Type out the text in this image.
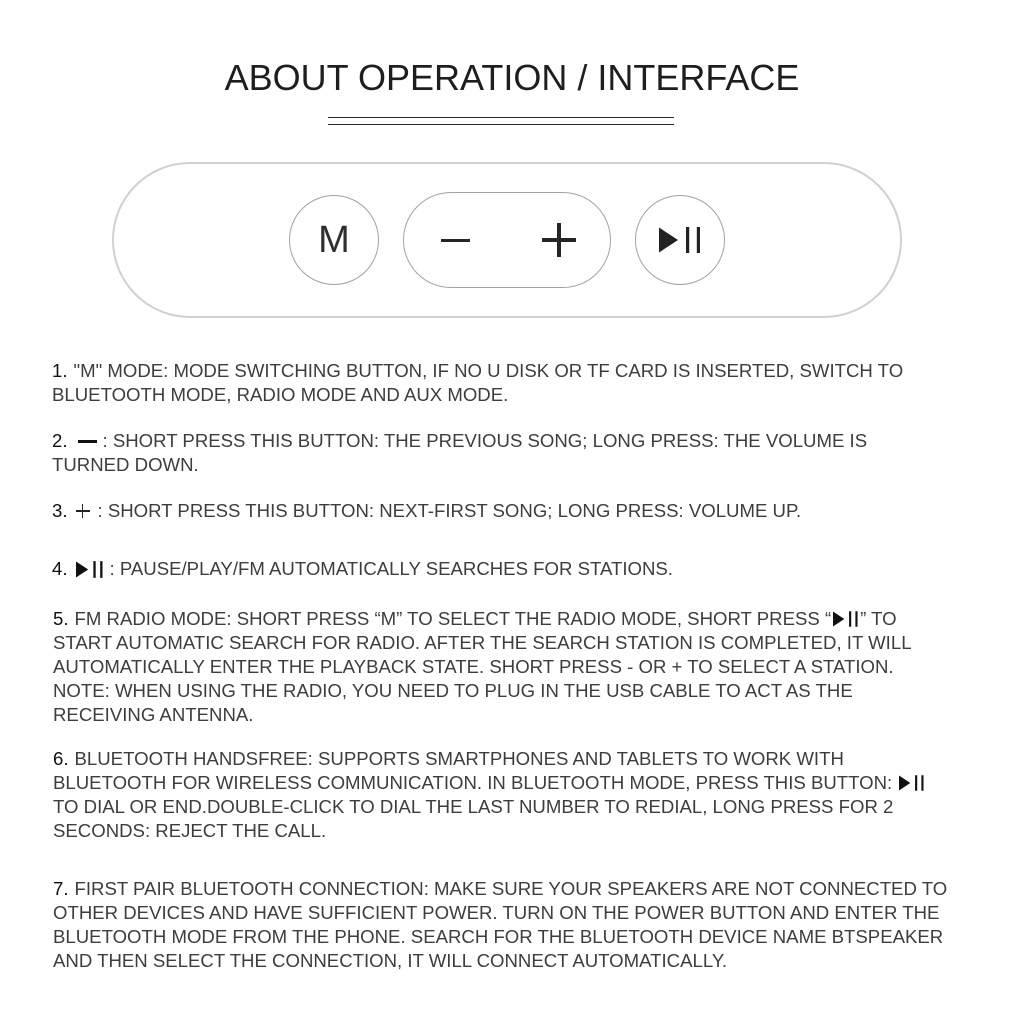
ABOUT OPERATION / INTERFACE
M
1. "M" MODE: MODE SWITCHING BUTTON, IF NO U DISK OR TF CARD IS INSERTED, SWITCH TO
BLUETOOTH MODE, RADIO MODE AND AUX MODE.
2. : SHORT PRESS THIS BUTTON: THE PREVIOUS SONG; LONG PRESS: THE VOLUME IS
TURNED DOWN.
3. : SHORT PRESS THIS BUTTON: NEXT-FIRST SONG; LONG PRESS: VOLUME UP.
4. : PAUSE/PLAY/FM AUTOMATICALLY SEARCHES FOR STATIONS.
5. FM RADIO MODE: SHORT PRESS “M” TO SELECT THE RADIO MODE, SHORT PRESS “ ” TO
START AUTOMATIC SEARCH FOR RADIO. AFTER THE SEARCH STATION IS COMPLETED, IT WILL
AUTOMATICALLY ENTER THE PLAYBACK STATE. SHORT PRESS - OR + TO SELECT A STATION.
NOTE: WHEN USING THE RADIO, YOU NEED TO PLUG IN THE USB CABLE TO ACT AS THE
RECEIVING ANTENNA.
6. BLUETOOTH HANDSFREE: SUPPORTS SMARTPHONES AND TABLETS TO WORK WITH
BLUETOOTH FOR WIRELESS COMMUNICATION. IN BLUETOOTH MODE, PRESS THIS BUTTON:
TO DIAL OR END.DOUBLE-CLICK TO DIAL THE LAST NUMBER TO REDIAL, LONG PRESS FOR 2
SECONDS: REJECT THE CALL.
7. FIRST PAIR BLUETOOTH CONNECTION: MAKE SURE YOUR SPEAKERS ARE NOT CONNECTED TO
OTHER DEVICES AND HAVE SUFFICIENT POWER. TURN ON THE POWER BUTTON AND ENTER THE
BLUETOOTH MODE FROM THE PHONE. SEARCH FOR THE BLUETOOTH DEVICE NAME BTSPEAKER
AND THEN SELECT THE CONNECTION, IT WILL CONNECT AUTOMATICALLY.
